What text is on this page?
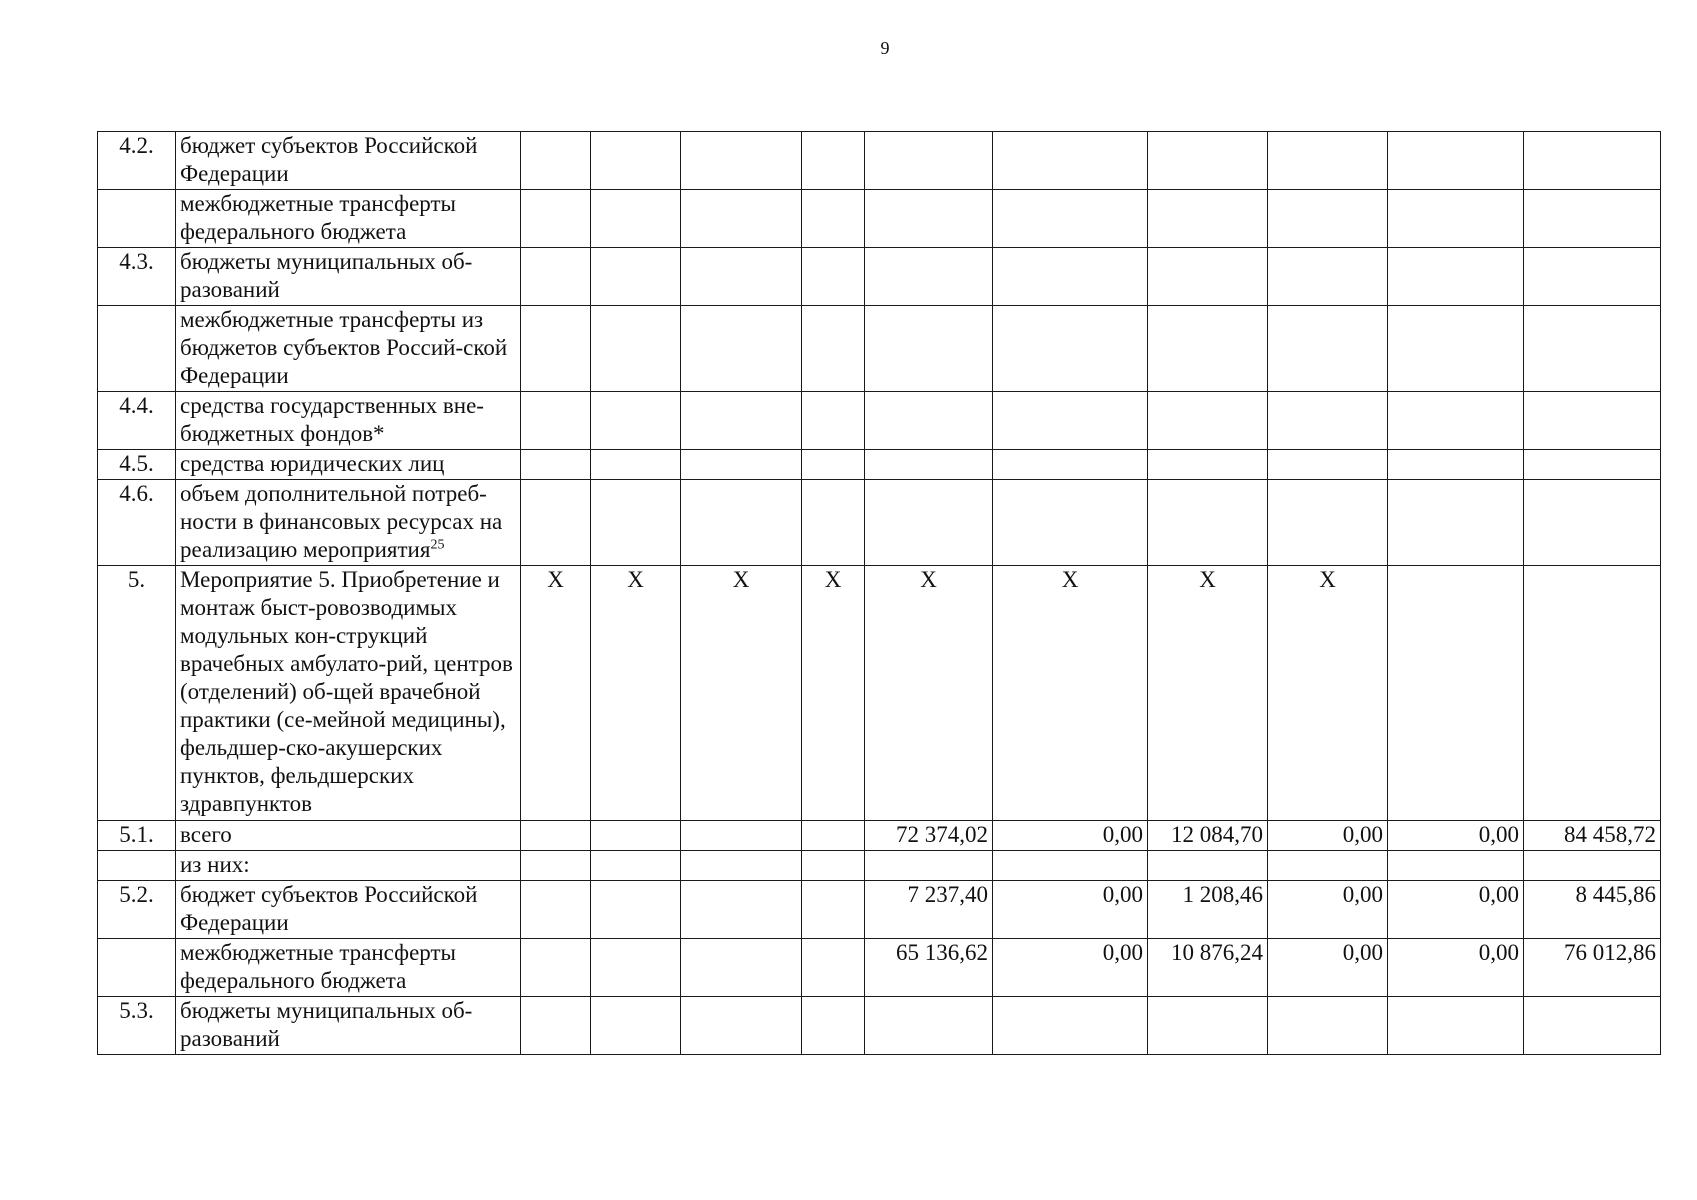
9
4.2.	бюджет субъектов Российской Федерации										
	межбюджетные трансферты федерального бюджета										
4.3.	бюджеты муниципальных об-разований										
	межбюджетные трансферты из бюджетов субъектов Россий-ской Федерации										
4.4.	средства государственных вне-бюджетных фондов*										
4.5.	средства юридических лиц										
4.6.	объем дополнительной потреб-ности в финансовых ресурсах на реализацию мероприятия$^{25}$										
5.	Мероприятие 5. Приобретение и монтаж быст-ровозводимых модульных кон-струкций врачебных амбулато-рий, центров (отделений) об-щей врачебной практики (се-мейной медицины), фельдшер-ско-акушерских пунктов, фельдшерских здравпунктов	X	X	X	X	X	X	X	X		
5.1.	всего					72 374,02	0,00	12 084,70	0,00	0,00	84 458,72
	из них:										
5.2.	бюджет субъектов Российской Федерации					7 237,40	0,00	1 208,46	0,00	0,00	8 445,86
	межбюджетные трансферты федерального бюджета					65 136,62	0,00	10 876,24	0,00	0,00	76 012,86
5.3.	бюджеты муниципальных об-разований										
